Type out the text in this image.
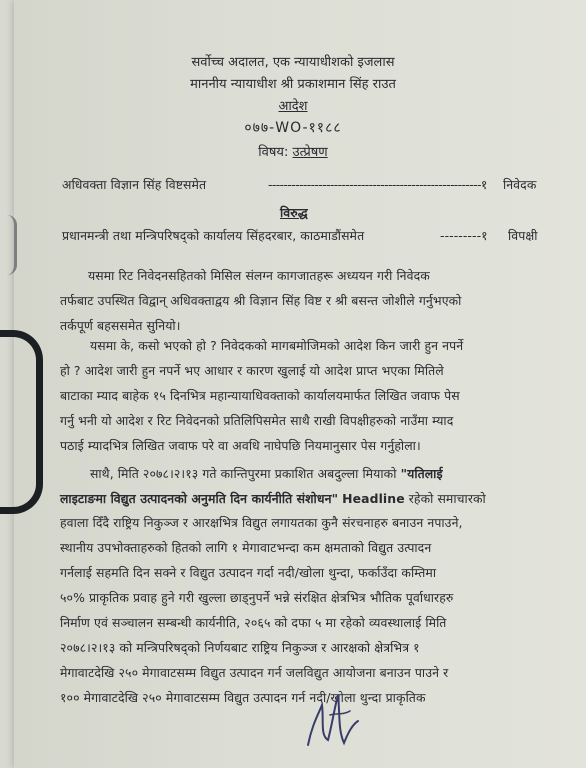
सर्वोच्च अदालत, एक न्यायाधीशको इजलास
माननीय न्यायाधीश श्री प्रकाशमान सिंह राउत
आदेश
०७७-WO-११८८
विषय: उत्प्रेषण
अधिवक्ता विज्ञान सिंह विष्टसमेत	-------------------------------------------------------१ निवेदक
विरुद्ध
प्रधानमन्त्री तथा मन्त्रिपरिषद्को कार्यालय सिंहदरबार, काठमाडौंसमेत	---------१ विपक्षी
यसमा रिट निवेदनसहितको मिसिल संलग्न कागजातहरू अध्ययन गरी निवेदक
तर्फबाट उपस्थित विद्वान् अधिवक्ताद्वय श्री विज्ञान सिंह विष्ट र श्री बसन्त जोशीले गर्नुभएको
तर्कपूर्ण बहससमेत सुनियो।
यसमा के, कसो भएको हो ? निवेदकको मागबमोजिमको आदेश किन जारी हुन नपर्ने
हो ? आदेश जारी हुन नपर्ने भए आधार र कारण खुलाई यो आदेश प्राप्त भएका मितिले
बाटाका म्याद बाहेक १५ दिनभित्र महान्यायाधिवक्ताको कार्यालयमार्फत लिखित जवाफ पेस
गर्नु भनी यो आदेश र रिट निवेदनको प्रतिलिपिसमेत साथै राखी विपक्षीहरुको नाउँमा म्याद
पठाई म्यादभित्र लिखित जवाफ परे वा अवधि नाघेपछि नियमानुसार पेस गर्नुहोला।
साथै, मिति २०७८।२।१३ गते कान्तिपुरमा प्रकाशित अबदुल्ला मियाको "यतिलाई
लाइटाङमा विद्युत उत्पादनको अनुमति दिन कार्यनीति संशोधन" Headline रहेको समाचारको
हवाला दिँदै राष्ट्रिय निकुञ्ज र आरक्षभित्र विद्युत लगायतका कुनै संरचनाहरु बनाउन नपाउने,
स्थानीय उपभोक्ताहरुको हितको लागि १ मेगावाटभन्दा कम क्षमताको विद्युत उत्पादन
गर्नलाई सहमति दिन सक्ने र विद्युत उत्पादन गर्दा नदी/खोला थुन्दा, फर्काउँदा कम्तिमा
५०% प्राकृतिक प्रवाह हुने गरी खुल्ला छाड्नुपर्ने भन्ने संरक्षित क्षेत्रभित्र भौतिक पूर्वाधारहरु
निर्माण एवं सञ्चालन सम्बन्धी कार्यनीति, २०६५ को दफा ५ मा रहेको व्यवस्थालाई मिति
२०७८।२।१३ को मन्त्रिपरिषद्को निर्णयबाट राष्ट्रिय निकुञ्ज र आरक्षको क्षेत्रभित्र १
मेगावाटदेखि २५० मेगावाटसम्म विद्युत उत्पादन गर्न जलविद्युत आयोजना बनाउन पाउने र
१०० मेगावाटदेखि २५० मेगावाटसम्म विद्युत उत्पादन गर्न नदी/खोला थुन्दा प्राकृतिक
